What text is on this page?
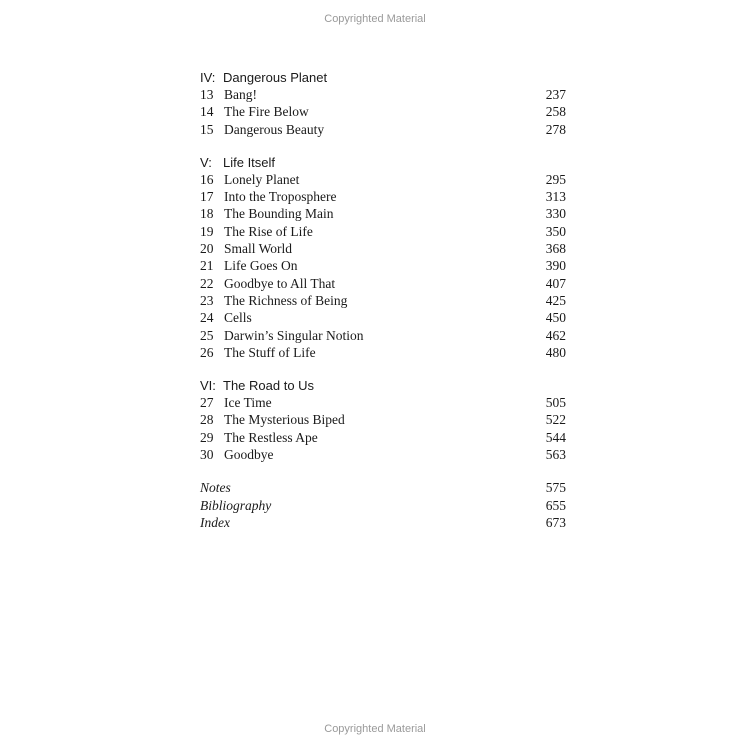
Copyrighted Material
IV: Dangerous Planet
13 Bang!	237
14 The Fire Below	258
15 Dangerous Beauty	278
V: Life Itself
16 Lonely Planet	295
17 Into the Troposphere	313
18 The Bounding Main	330
19 The Rise of Life	350
20 Small World	368
21 Life Goes On	390
22 Goodbye to All That	407
23 The Richness of Being	425
24 Cells	450
25 Darwin’s Singular Notion	462
26 The Stuff of Life	480
VI: The Road to Us
27 Ice Time	505
28 The Mysterious Biped	522
29 The Restless Ape	544
30 Goodbye	563
Notes	575
Bibliography	655
Index	673
Copyrighted Material
